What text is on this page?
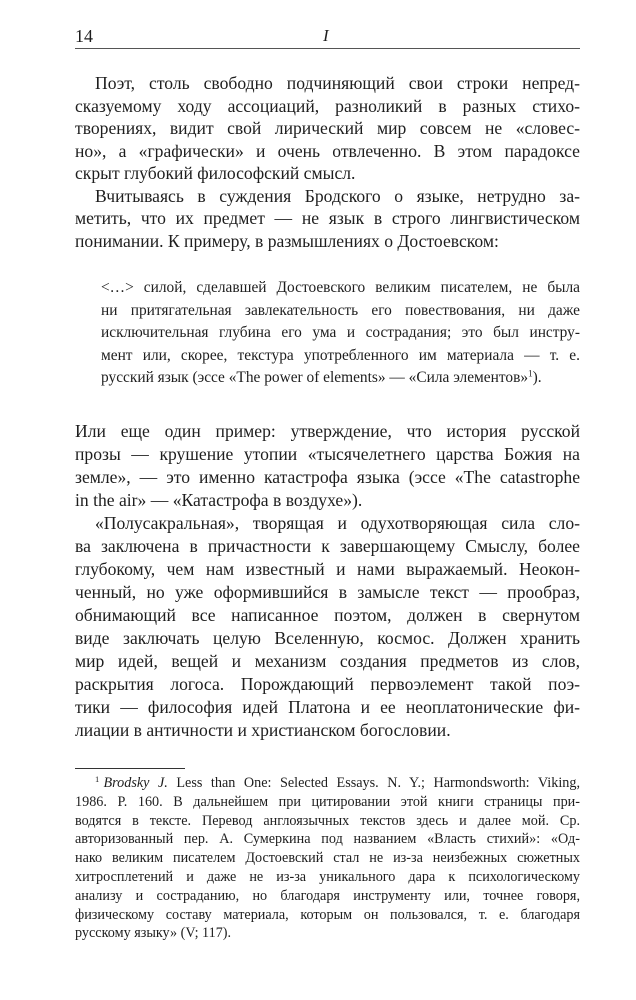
14	I
Поэт, столь свободно подчиняющий свои строки непред-
сказуемому ходу ассоциаций, разноликий в разных стихо-
творениях, видит свой лирический мир совсем не «словес-
но», а «графически» и очень отвлеченно. В этом парадоксе
скрыт глубокий философский смысл.
Вчитываясь в суждения Бродского о языке, нетрудно за-
метить, что их предмет — не язык в строго лингвистическом
понимании. К примеру, в размышлениях о Достоевском:
<…> силой, сделавшей Достоевского великим писателем, не была
ни притягательная завлекательность его повествования, ни даже
исключительная глубина его ума и сострадания; это был инстру-
мент или, скорее, текстура употребленного им материала — т. е.
русский язык (эссе «The power of elements» — «Сила элементов»$^1$).
Или еще один пример: утверждение, что история русской
прозы — крушение утопии «тысячелетнего царства Божия на
земле», — это именно катастрофа языка (эссе «The catastrophe
in the air» — «Катастрофа в воздухе»).
«Полусакральная», творящая и одухотворяющая сила сло-
ва заключена в причастности к завершающему Смыслу, более
глубокому, чем нам известный и нами выражаемый. Неокон-
ченный, но уже оформившийся в замысле текст — прообраз,
обнимающий все написанное поэтом, должен в свернутом
виде заключать целую Вселенную, космос. Должен хранить
мир идей, вещей и механизм создания предметов из слов,
раскрытия логоса. Порождающий первоэлемент такой поэ-
тики — философия идей Платона и ее неоплатонические фи-
лиации в античности и христианском богословии.
$^1$ Brodsky J. Less than One: Selected Essays. N. Y.; Harmondsworth: Viking,
1986. P. 160. В дальнейшем при цитировании этой книги страницы при-
водятся в тексте. Перевод англоязычных текстов здесь и далее мой. Ср.
авторизованный пер. А. Сумеркина под названием «Власть стихий»: «Од-
нако великим писателем Достоевский стал не из-за неизбежных сюжетных
хитросплетений и даже не из-за уникального дара к психологическому
анализу и состраданию, но благодаря инструменту или, точнее говоря,
физическому составу материала, которым он пользовался, т. е. благодаря
русскому языку» (V; 117).
